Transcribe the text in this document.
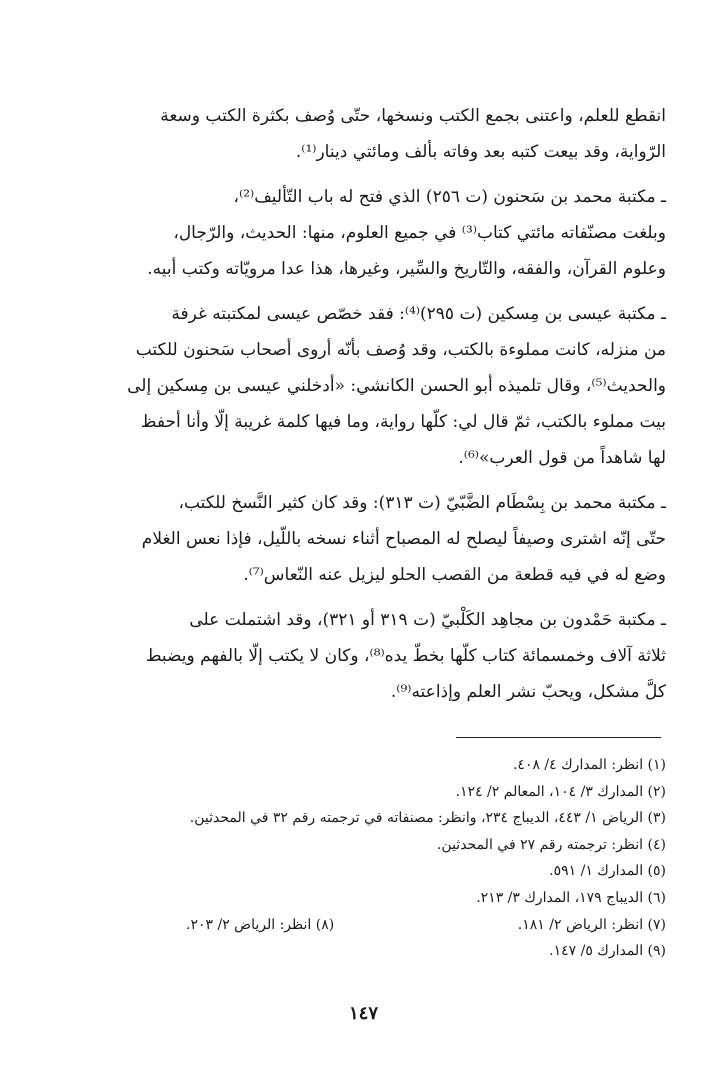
انقطع للعلم، واعتنى بجمع الكتب ونسخها، حتّى وُصف بكثرة الكتب وسعة

الرّواية، وقد بيعت كتبه بعد وفاته بألف ومائتي دينار⁽¹⁾.

ـ مكتبة محمد بن سَحنون (ت ٢٥٦) الذي فتح له باب التّأليف⁽²⁾،

وبلغت مصنّفاته مائتي كتاب⁽³⁾ في جميع العلوم، منها: الحديث، والرّجال،

وعلوم القرآن، والفقه، والتّاريخ والسِّير، وغيرها، هذا عدا مرويّاته وكتب أبيه.

ـ مكتبة عيسى بن مِسكين (ت ٢٩٥)⁽⁴⁾: فقد خصّص عيسى لمكتبته غرفة

من منزله، كانت مملوءة بالكتب، وقد وُصف بأنّه أروى أصحاب سَحنون للكتب

والحديث⁽⁵⁾، وقال تلميذه أبو الحسن الكانشي: «أدخلني عيسى بن مِسكين إلى

بيت مملوء بالكتب، ثمّ قال لي: كلّها رواية، وما فيها كلمة غريبة إلّا وأنا أحفظ

لها شاهداً من قول العرب»⁽⁶⁾.

ـ مكتبة محمد بن بِسْطَام الضَّبّيّ (ت ٣١٣): وقد كان كثير النَّسخ للكتب،

حتّى إنّه اشترى وصيفاً ليصلح له المصباح أثناء نسخه باللّيل، فإذا نعس الغلام

وضع له في فيه قطعة من القصب الحلو ليزيل عنه النّعاس⁽⁷⁾.

ـ مكتبة حَمْدون بن مجاهِد الكَلْبيّ (ت ٣١٩ أو ٣٢١)، وقد اشتملت على

ثلاثة آلاف وخمسمائة كتاب كلّها بخطّ يده⁽⁸⁾، وكان لا يكتب إلّا بالفهم ويضبط

كلَّ مشكل، ويحبّ نشر العلم وإذاعته⁽⁹⁾.

(١) انظر: المدارك ٤/ ٤٠٨.
(٢) المدارك ٣/ ١٠٤، المعالم ٢/ ١٢٤.
(٣) الرياض ١/ ٤٤٣، الديباج ٢٣٤، وانظر: مصنفاته في ترجمته رقم ٣٢ في المحدثين.
(٤) انظر: ترجمته رقم ٢٧ في المحدثين.
(٥) المدارك ١/ ٥٩١.
(٦) الديباج ١٧٩، المدارك ٣/ ٢١٣.
(٧) انظر: الرياض ٢/ ١٨١.
(٨) انظر: الرياض ٢/ ٢٠٣.
(٩) المدارك ٥/ ١٤٧.
١٤٧
